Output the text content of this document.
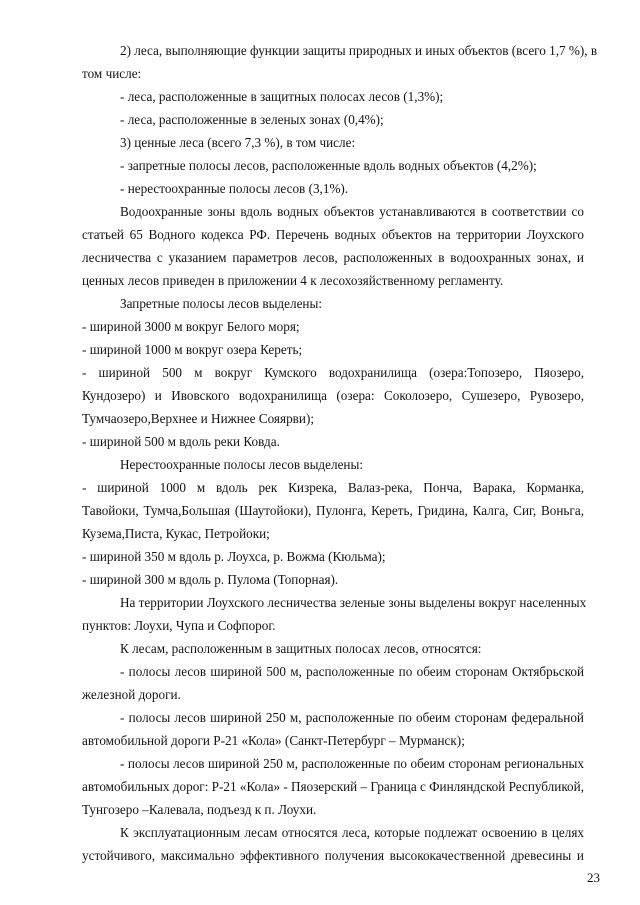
2) леса, выполняющие функции защиты природных и иных объектов (всего 1,7 %), в
том числе:
- леса, расположенные в защитных полосах лесов (1,3%);
- леса, расположенные в зеленых зонах (0,4%);
3) ценные леса (всего 7,3 %), в том числе:
- запретные полосы лесов, расположенные вдоль водных объектов (4,2%);
- нерестоохранные полосы лесов (3,1%).
Водоохранные зоны вдоль водных объектов устанавливаются в соответствии со
статьей 65 Водного кодекса РФ. Перечень водных объектов на территории Лоухского
лесничества с указанием параметров лесов, расположенных в водоохранных зонах, и
ценных лесов приведен в приложении 4 к лесохозяйственному регламенту.
Запретные полосы лесов выделены:
- шириной 3000 м вокруг Белого моря;
- шириной 1000 м вокруг озера Кереть;
- шириной 500 м вокруг Кумского водохранилища (озера:Топозеро, Пяозеро,
Кундозеро) и Ивовского водохранилища (озера: Соколозеро, Сушезеро, Рувозеро,
Тумчаозеро,Верхнее и Нижнее Сояярви);
- шириной 500 м вдоль реки Ковда.
Нерестоохранные полосы лесов выделены:
- шириной 1000 м вдоль рек Кизрека, Валаз-река, Понча, Варака, Корманка,
Тавойоки, Тумча,Большая (Шаутойоки), Пулонга, Кереть, Гридина, Калга, Сиг, Воньга,
Кузема,Писта, Кукас, Петройоки;
- шириной 350 м вдоль р. Лоухса, р. Вожма (Кюльма);
- шириной 300 м вдоль р. Пулома (Топорная).
На территории Лоухского лесничества зеленые зоны выделены вокруг населенных
пунктов: Лоухи, Чупа и Софпорог.
К лесам, расположенным в защитных полосах лесов, относятся:
- полосы лесов шириной 500 м, расположенные по обеим сторонам Октябрьской
железной дороги.
- полосы лесов шириной 250 м, расположенные по обеим сторонам федеральной
автомобильной дороги Р-21 «Кола» (Санкт-Петербург – Мурманск);
- полосы лесов шириной 250 м, расположенные по обеим сторонам региональных
автомобильных дорог: Р-21 «Кола» - Пяозерский – Граница с Финляндской Республикой,
Тунгозеро –Калевала, подъезд к п. Лоухи.
К эксплуатационным лесам относятся леса, которые подлежат освоению в целях
устойчивого, максимально эффективного получения высококачественной древесины и
23
